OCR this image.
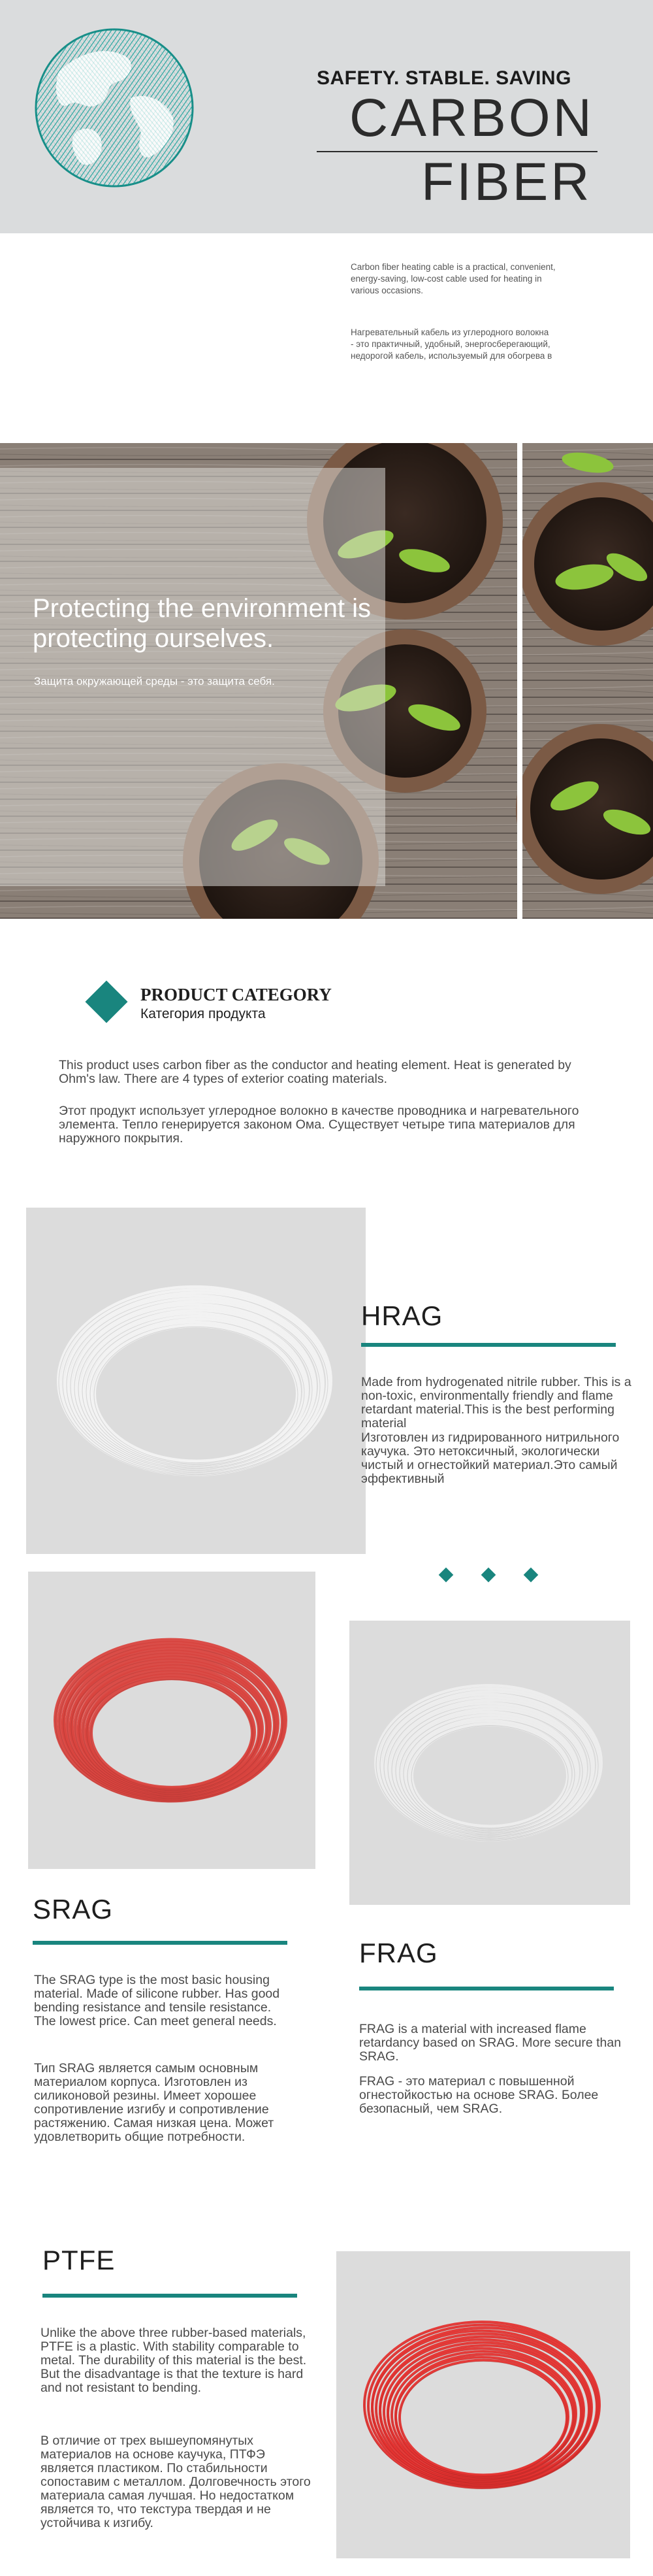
SAFETY. STABLE. SAVING
CARBON
FIBER
Carbon fiber heating cable is a practical, convenient, energy-saving, low-cost cable used for heating in various occasions.
Нагревательный кабель из углеродного волокна - это практичный, удобный, энергосберегающий, недорогой кабель, используемый для обогрева в
Protecting the environment is protecting ourselves.
Защита окружающей среды - это защита себя.
PRODUCT CATEGORY
Категория продукта
This product uses carbon fiber as the conductor and heating element. Heat is generated by Ohm's law. There are 4 types of exterior coating materials.
Этот продукт использует углеродное волокно в качестве проводника и нагревательного элемента. Тепло генерируется законом Ома. Существует четыре типа материалов для наружного покрытия.
HRAG
Made from hydrogenated nitrile rubber. This is a non-toxic, environmentally friendly and flame retardant material.This is the best performing material
Изготовлен из гидрированного нитрильного каучука. Это нетоксичный, экологически чистый и огнестойкий материал.Это самый эффективный
SRAG
The SRAG type is the most basic housing material. Made of silicone rubber. Has good bending resistance and tensile resistance. The lowest price. Can meet general needs.
Тип SRAG является самым основным материалом корпуса. Изготовлен из силиконовой резины. Имеет хорошее сопротивление изгибу и сопротивление растяжению. Самая низкая цена. Может удовлетворить общие потребности.
FRAG
FRAG is a material with increased flame retardancy based on SRAG. More secure than SRAG.
FRAG - это материал с повышенной огнестойкостью на основе SRAG. Более безопасный, чем SRAG.
PTFE
Unlike the above three rubber-based materials, PTFE is a plastic. With stability comparable to metal. The durability of this material is the best. But the disadvantage is that the texture is hard and not resistant to bending.
В отличие от трех вышеупомянутых материалов на основе каучука, ПТФЭ является пластиком. По стабильности сопоставим с металлом. Долговечность этого материала самая лучшая. Но недостатком является то, что текстура твердая и не устойчива к изгибу.
